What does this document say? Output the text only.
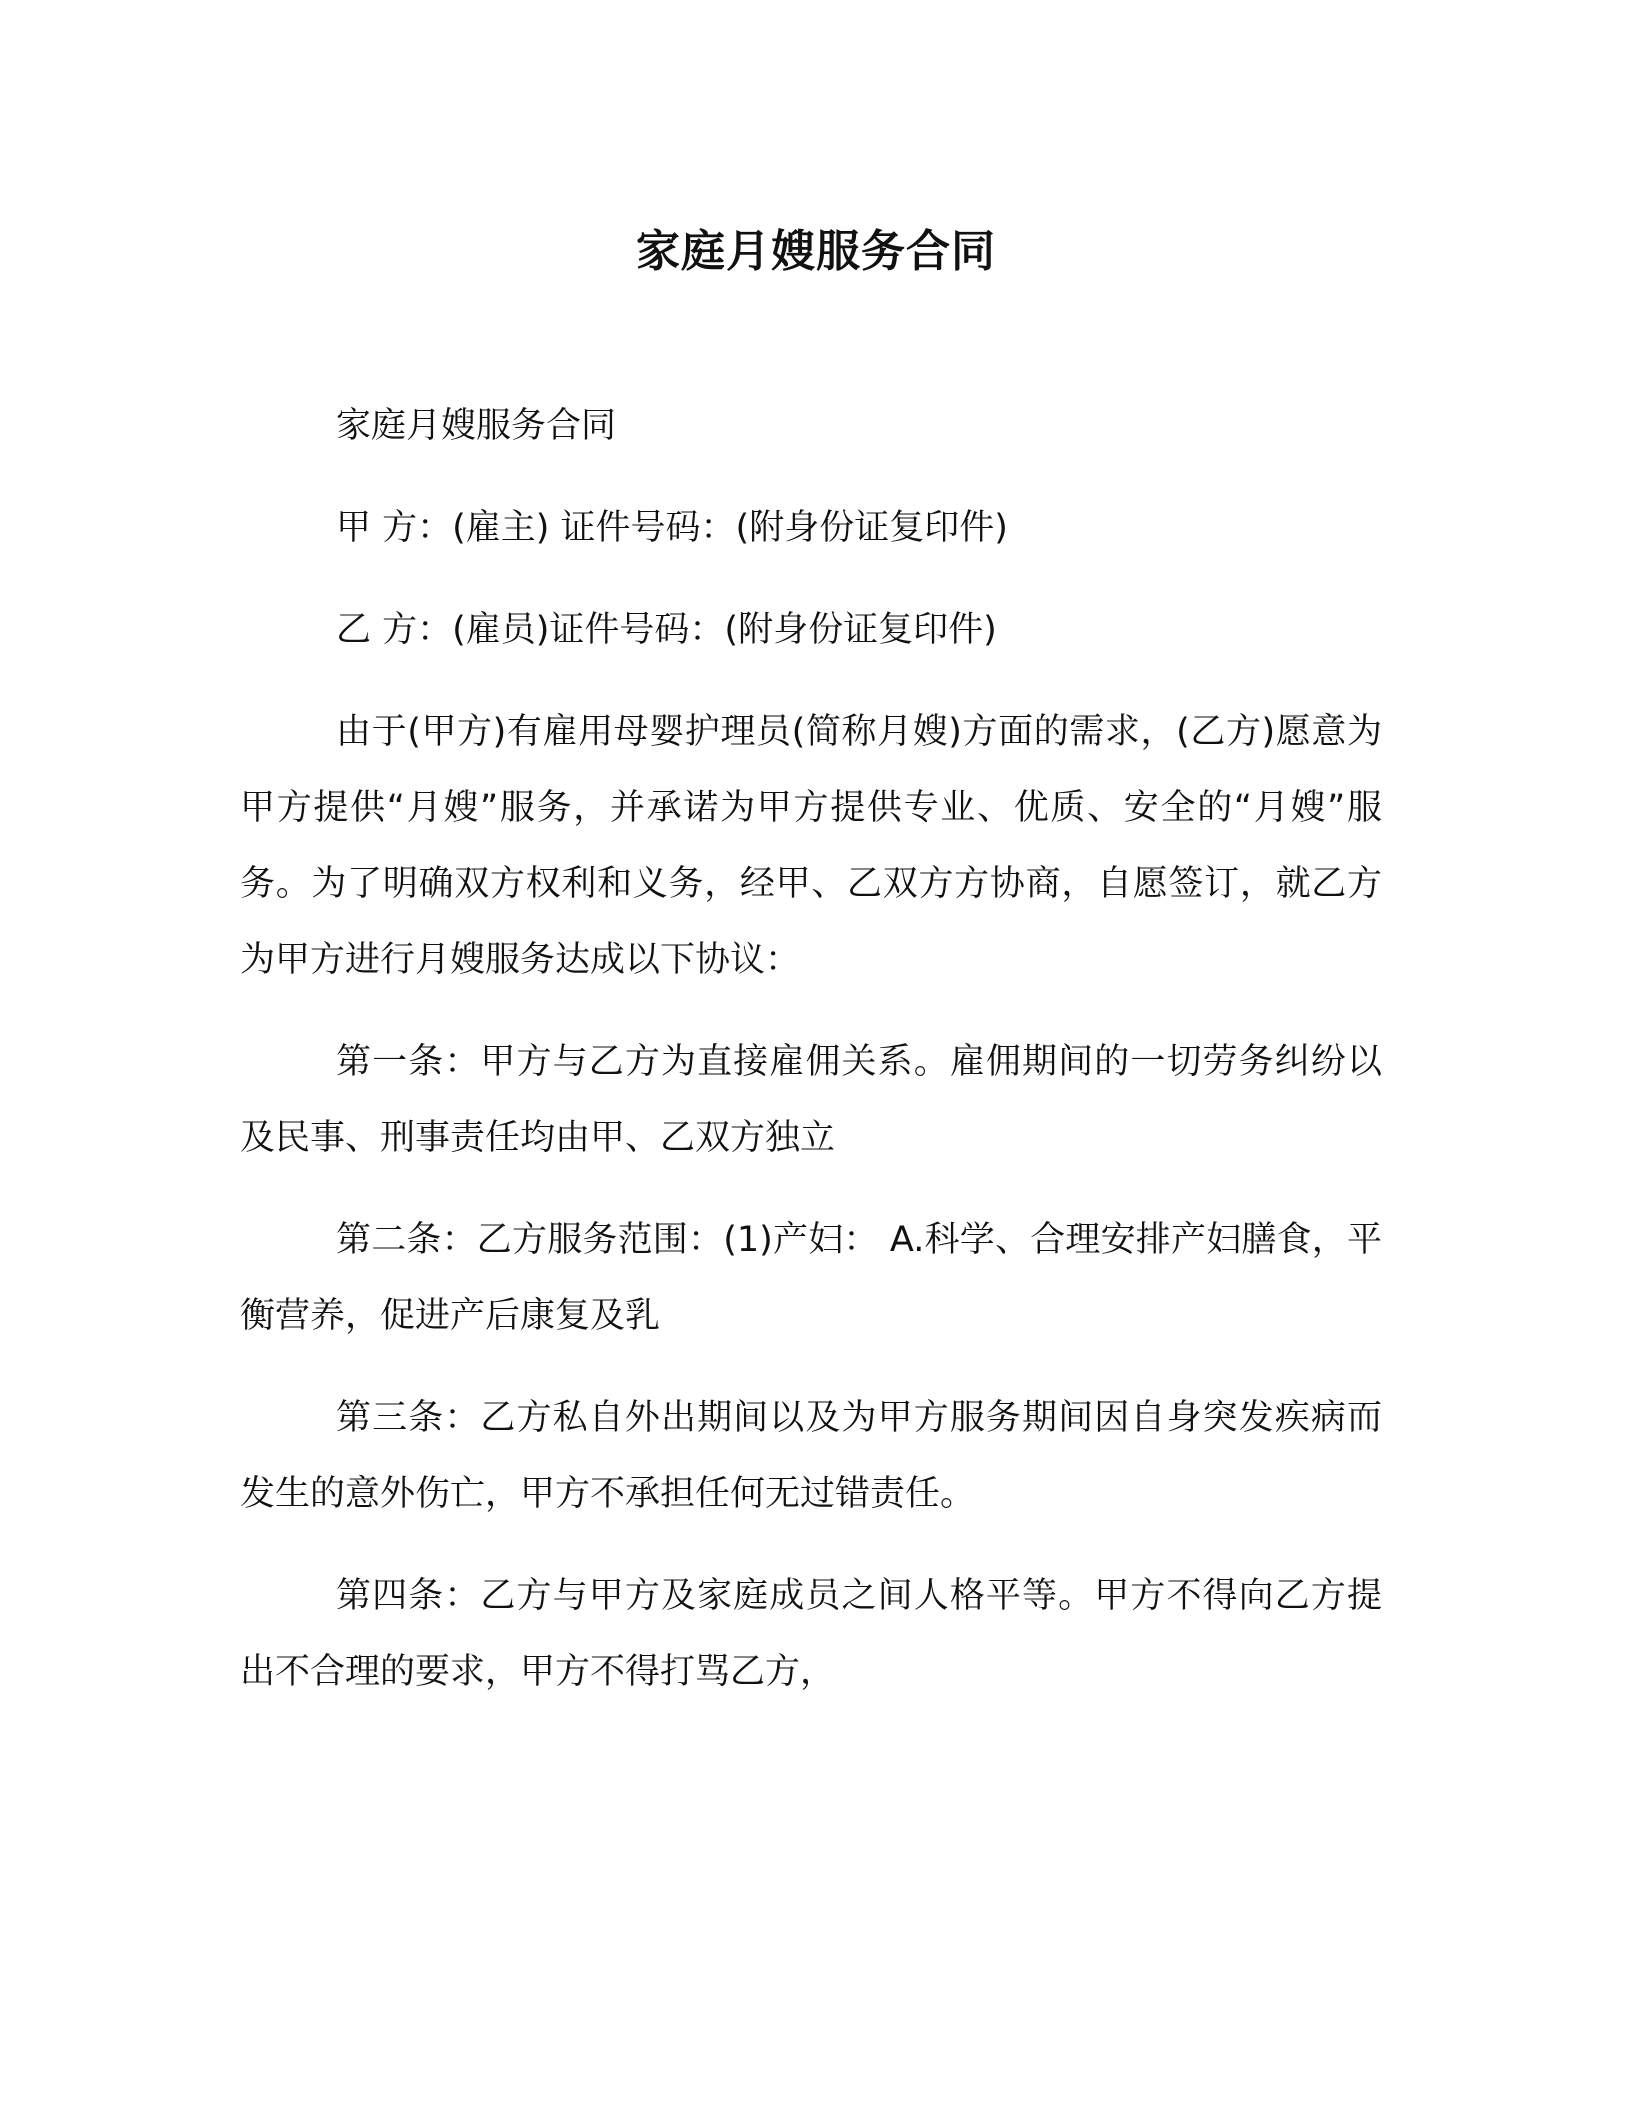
家庭月嫂服务合同

家庭月嫂服务合同

甲 方：(雇主) 证件号码：(附身份证复印件)

乙 方：(雇员)证件号码：(附身份证复印件)

由于(甲方)有雇用母婴护理员(简称月嫂)方面的需求，(乙方)愿意为甲方提供“月嫂”服务，并承诺为甲方提供专业、优质、安全的“月嫂”服务。为了明确双方权利和义务，经甲、乙双方方协商，自愿签订，就乙方为甲方进行月嫂服务达成以下协议：

第一条：甲方与乙方为直接雇佣关系。雇佣期间的一切劳务纠纷以及民事、刑事责任均由甲、乙双方独立

第二条：乙方服务范围：(1)产妇： A.科学、合理安排产妇膳食，平衡营养，促进产后康复及乳

第三条：乙方私自外出期间以及为甲方服务期间因自身突发疾病而发生的意外伤亡，甲方不承担任何无过错责任。

第四条：乙方与甲方及家庭成员之间人格平等。甲方不得向乙方提出不合理的要求，甲方不得打骂乙方，
